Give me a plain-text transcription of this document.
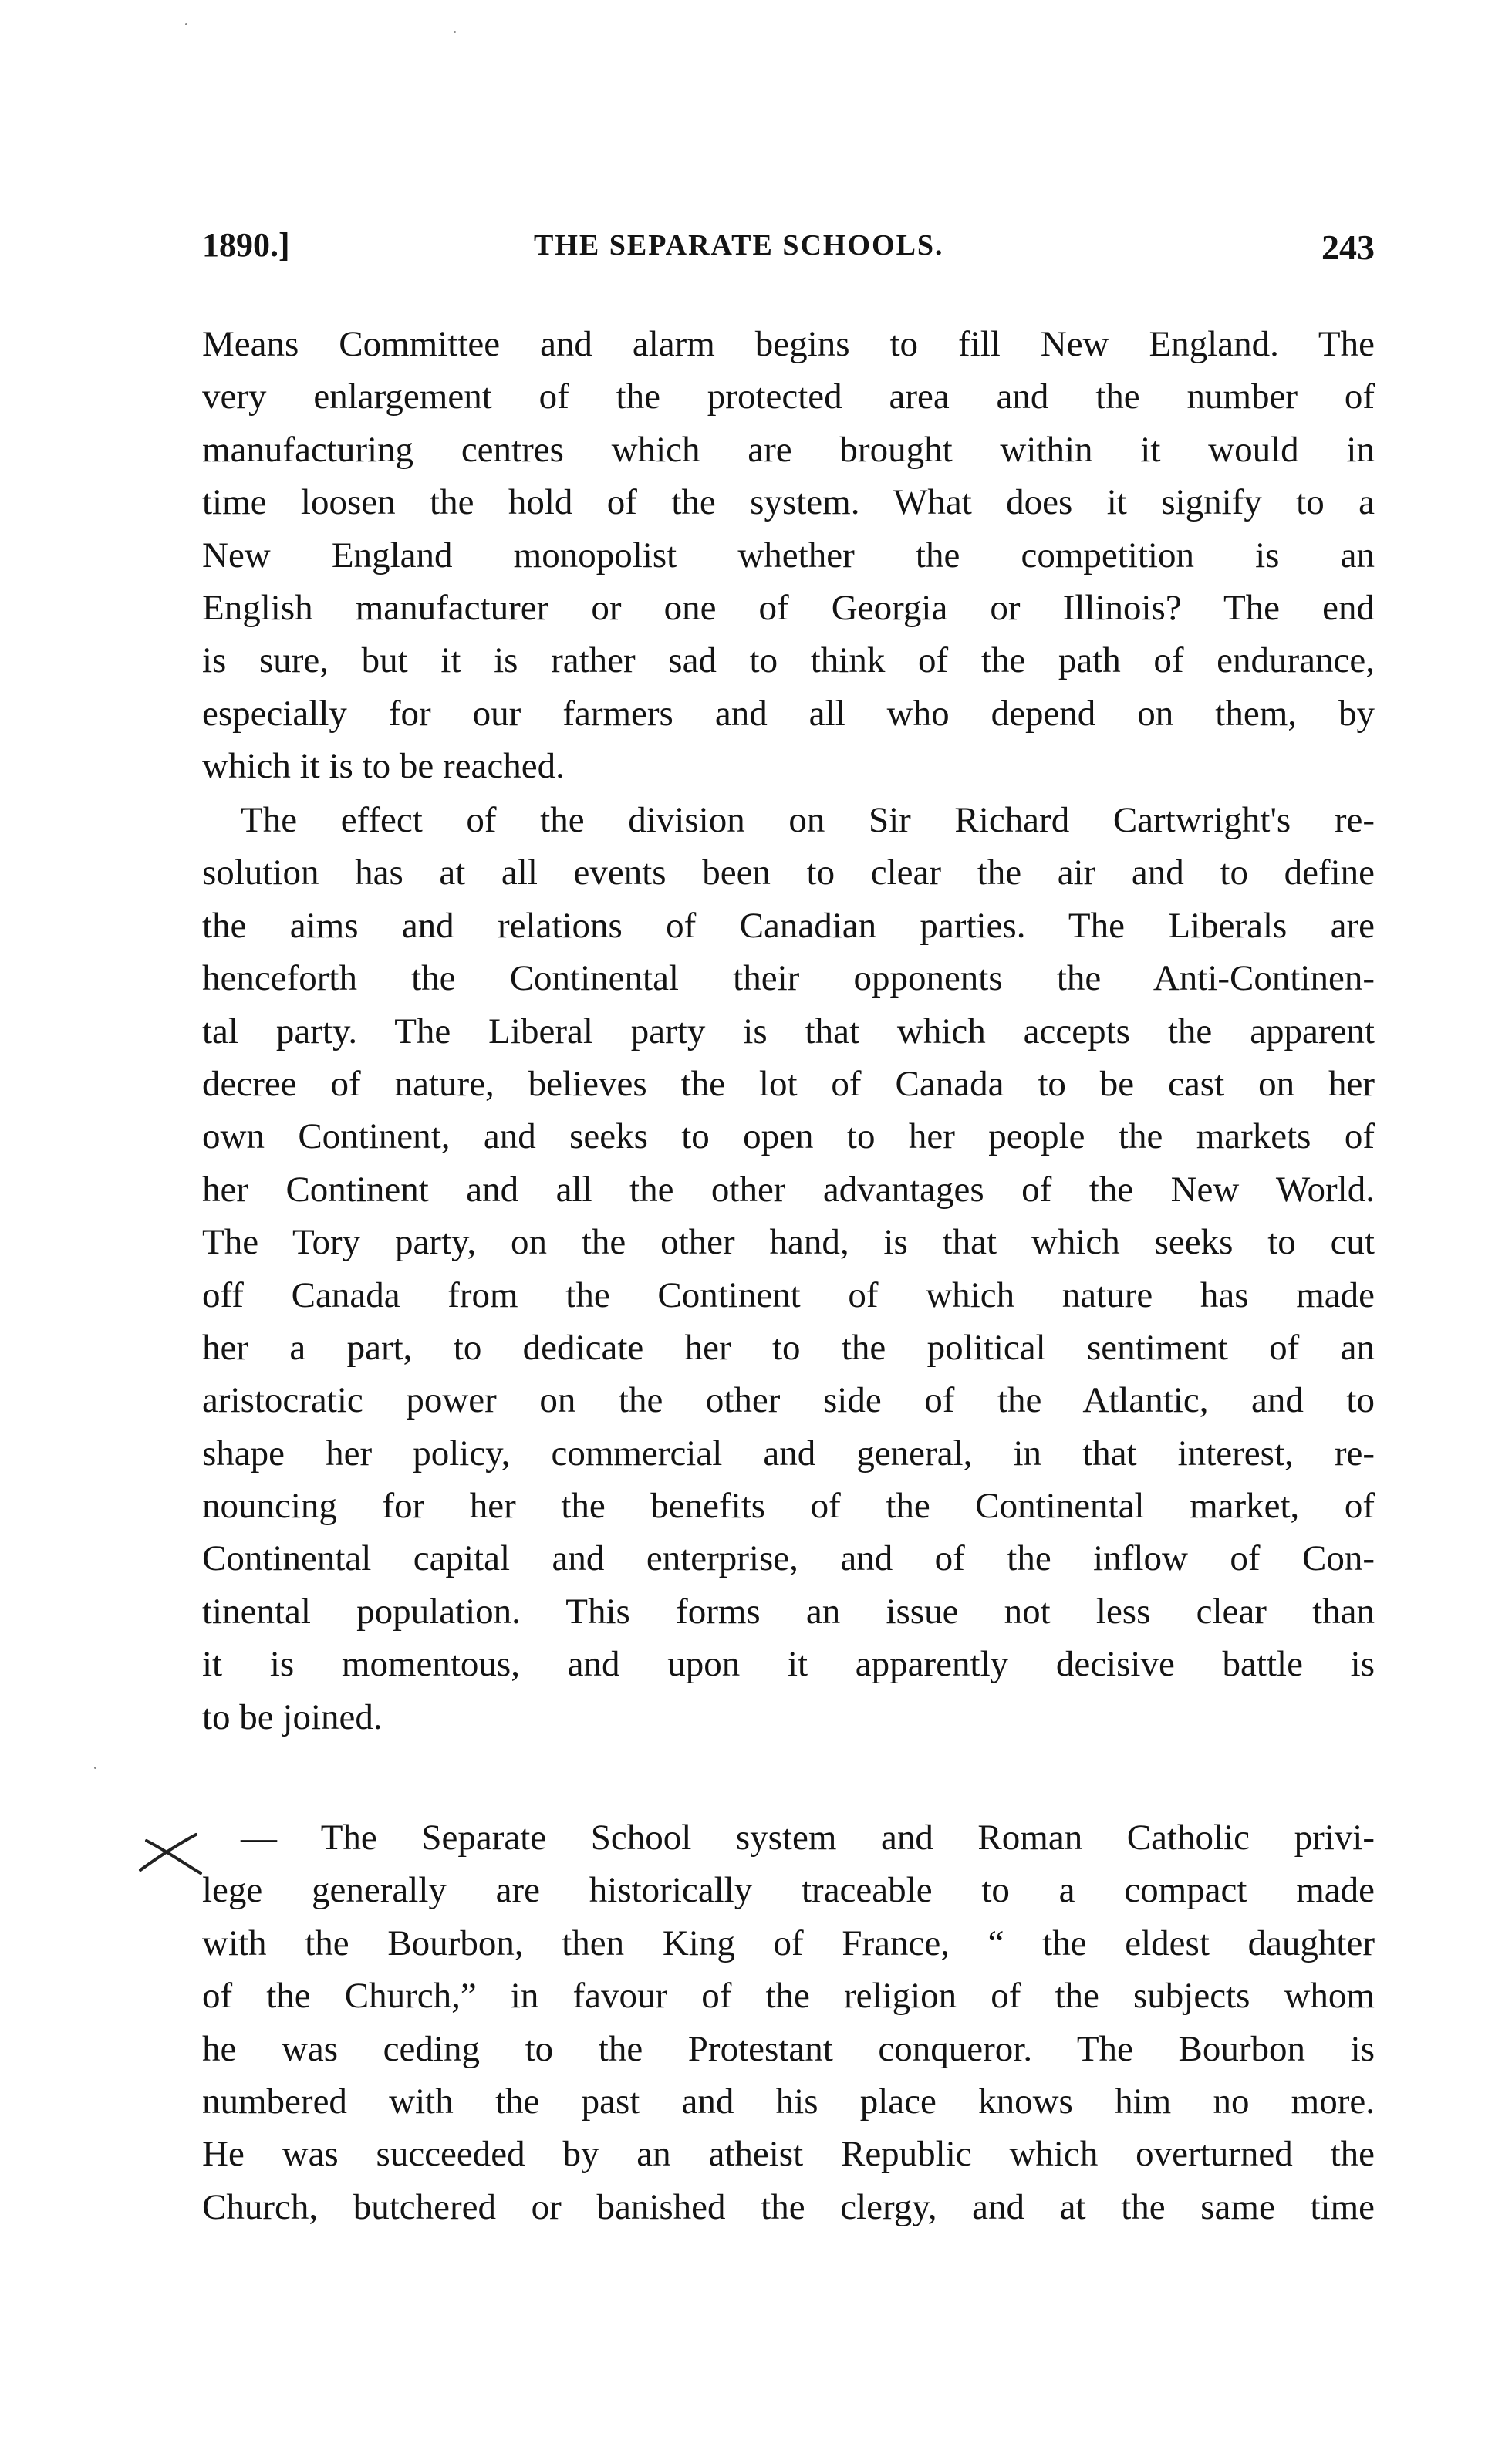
1890.]	THE SEPARATE SCHOOLS.	243
Means Committee and alarm begins to fill New England. The
very enlargement of the protected area and the number of
manufacturing centres which are brought within it would in
time loosen the hold of the system. What does it signify to a
New England monopolist whether the competition is an
English manufacturer or one of Georgia or Illinois? The end
is sure, but it is rather sad to think of the path of endurance,
especially for our farmers and all who depend on them, by
which it is to be reached.
The effect of the division on Sir Richard Cartwright's re-
solution has at all events been to clear the air and to define
the aims and relations of Canadian parties. The Liberals are
henceforth the Continental their opponents the Anti-Continen-
tal party. The Liberal party is that which accepts the apparent
decree of nature, believes the lot of Canada to be cast on her
own Continent, and seeks to open to her people the markets of
her Continent and all the other advantages of the New World.
The Tory party, on the other hand, is that which seeks to cut
off Canada from the Continent of which nature has made
her a part, to dedicate her to the political sentiment of an
aristocratic power on the other side of the Atlantic, and to
shape her policy, commercial and general, in that interest, re-
nouncing for her the benefits of the Continental market, of
Continental capital and enterprise, and of the inflow of Con-
tinental population. This forms an issue not less clear than
it is momentous, and upon it apparently decisive battle is
to be joined.
— The Separate School system and Roman Catholic privi-
lege generally are historically traceable to a compact made
with the Bourbon, then King of France, “ the eldest daughter
of the Church,” in favour of the religion of the subjects whom
he was ceding to the Protestant conqueror. The Bourbon is
numbered with the past and his place knows him no more.
He was succeeded by an atheist Republic which overturned the
Church, butchered or banished the clergy, and at the same time
